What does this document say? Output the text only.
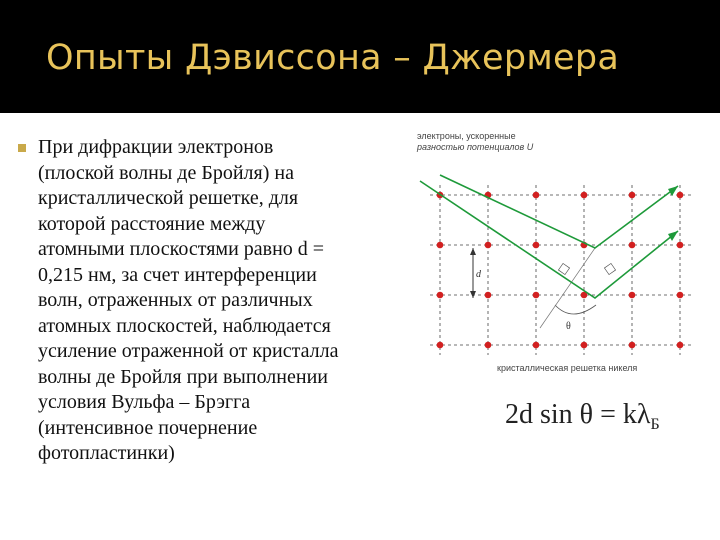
Опыты Дэвиссона – Джермера
При дифракции электронов
(плоской волны де Бройля) на
кристаллической решетке, для
которой расстояние между
атомными плоскостями равно d =
0,215 нм, за счет интерференции
волн, отраженных от различных
атомных плоскостей, наблюдается
усиление отраженной от кристалла
волны де Бройля при выполнении
условия Вульфа – Брэгга
(интенсивное почернение
фотопластинки)
электроны, ускоренные
разностью потенциалов U
d
θ
кристаллическая решетка никеля
2d $\sin \theta = k\lambda_Б$
